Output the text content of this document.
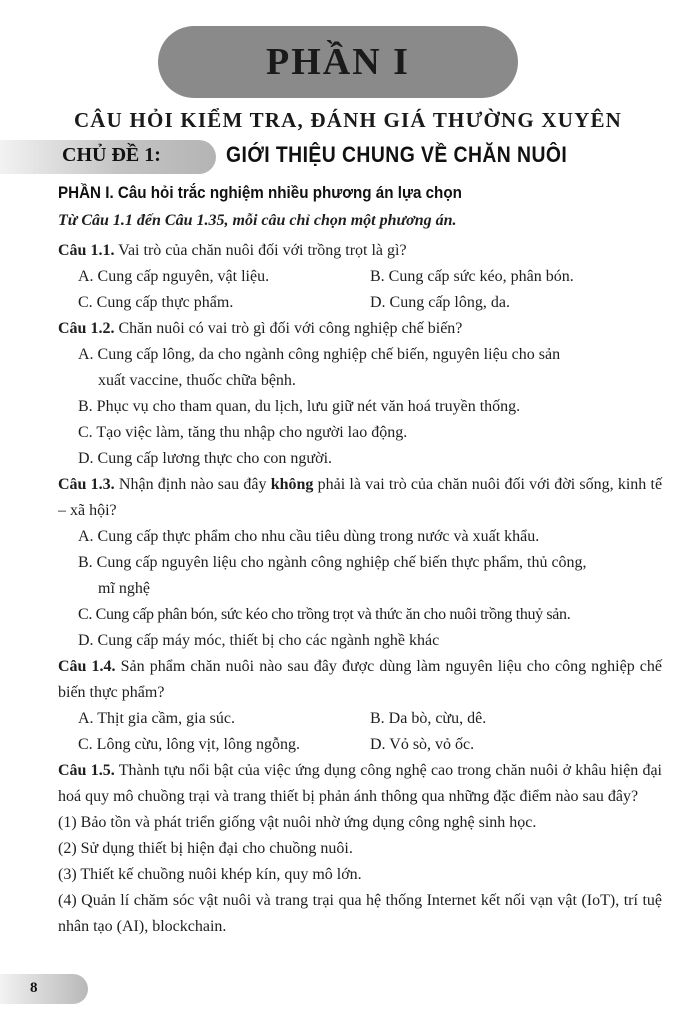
PHẦN I
CÂU HỎI KIỂM TRA, ĐÁNH GIÁ THƯỜNG XUYÊN
CHỦ ĐỀ 1:	GIỚI THIỆU CHUNG VỀ CHĂN NUÔI
PHẦN I. Câu hỏi trắc nghiệm nhiều phương án lựa chọn
Từ Câu 1.1 đến Câu 1.35, mỗi câu chỉ chọn một phương án.

Câu 1.1. Vai trò của chăn nuôi đối với trồng trọt là gì?

A. Cung cấp nguyên, vật liệu.	B. Cung cấp sức kéo, phân bón.
C. Cung cấp thực phẩm.	D. Cung cấp lông, da.

Câu 1.2. Chăn nuôi có vai trò gì đối với công nghiệp chế biến?

A. Cung cấp lông, da cho ngành công nghiệp chế biến, nguyên liệu cho sản
xuất vaccine, thuốc chữa bệnh.
B. Phục vụ cho tham quan, du lịch, lưu giữ nét văn hoá truyền thống.
C. Tạo việc làm, tăng thu nhập cho người lao động.
D. Cung cấp lương thực cho con người.

Câu 1.3. Nhận định nào sau đây không phải là vai trò của chăn nuôi đối với đời sống, kinh tế – xã hội?

A. Cung cấp thực phẩm cho nhu cầu tiêu dùng trong nước và xuất khẩu.
B. Cung cấp nguyên liệu cho ngành công nghiệp chế biến thực phẩm, thủ công,
mĩ nghệ
C. Cung cấp phân bón, sức kéo cho trồng trọt và thức ăn cho nuôi trồng thuỷ sản.
D. Cung cấp máy móc, thiết bị cho các ngành nghề khác

Câu 1.4. Sản phẩm chăn nuôi nào sau đây được dùng làm nguyên liệu cho công nghiệp chế biến thực phẩm?

A. Thịt gia cầm, gia súc.	B. Da bò, cừu, dê.
C. Lông cừu, lông vịt, lông ngỗng.	D. Vỏ sò, vỏ ốc.

Câu 1.5. Thành tựu nổi bật của việc ứng dụng công nghệ cao trong chăn nuôi ở khâu hiện đại hoá quy mô chuồng trại và trang thiết bị phản ánh thông qua những đặc điểm nào sau đây?

(1) Bảo tồn và phát triển giống vật nuôi nhờ ứng dụng công nghệ sinh học.
(2) Sử dụng thiết bị hiện đại cho chuồng nuôi.
(3) Thiết kế chuồng nuôi khép kín, quy mô lớn.
(4) Quản lí chăm sóc vật nuôi và trang trại qua hệ thống Internet kết nối vạn vật (IoT), trí tuệ nhân tạo (AI), blockchain.
8
